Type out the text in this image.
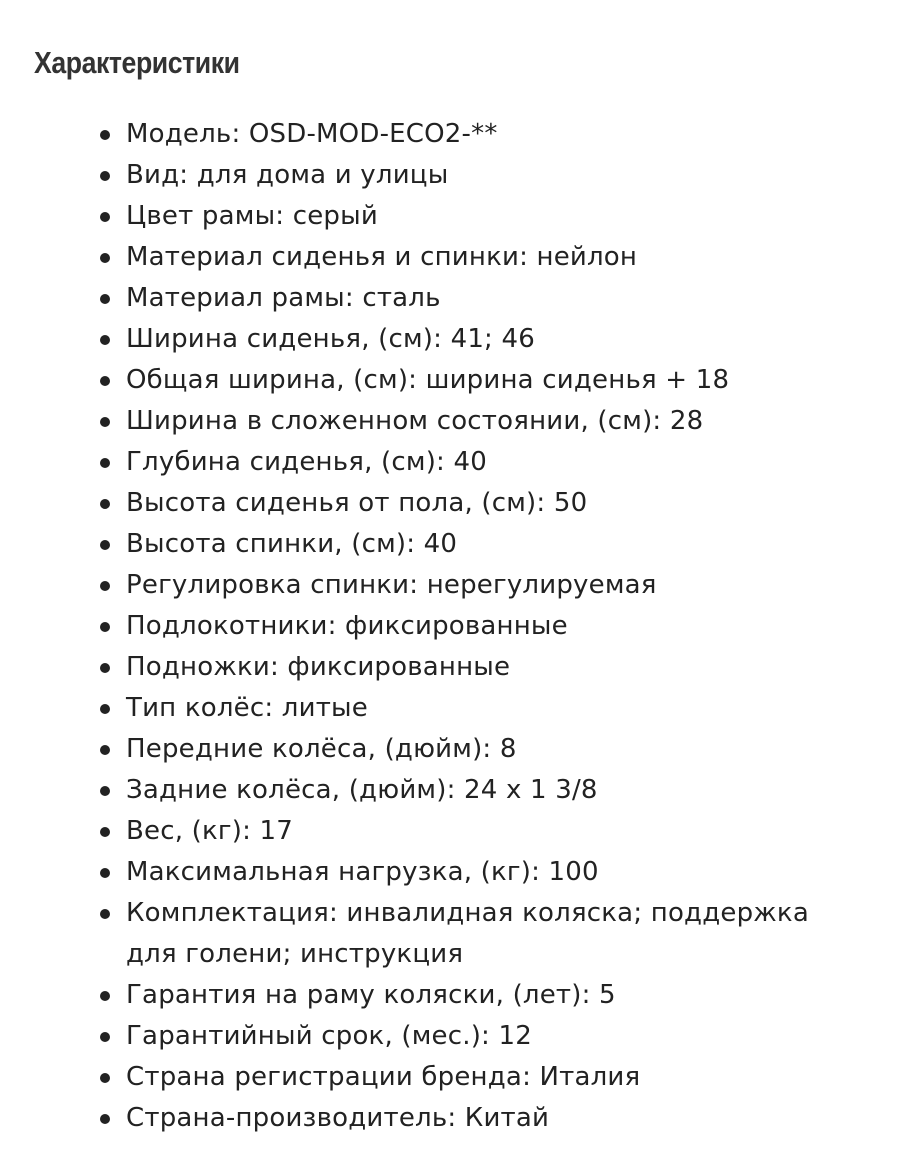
Характеристики
Модель: OSD-MOD-ECO2-**
Вид: для дома и улицы
Цвет рамы: серый
Материал сиденья и спинки: нейлон
Материал рамы: сталь
Ширина сиденья, (см): 41; 46
Общая ширина, (см): ширина сиденья + 18
Ширина в сложенном состоянии, (см): 28
Глубина сиденья, (см): 40
Высота сиденья от пола, (см): 50
Высота спинки, (см): 40
Регулировка спинки: нерегулируемая
Подлокотники: фиксированные
Подножки: фиксированные
Тип колёс: литые
Передние колёса, (дюйм): 8
Задние колёса, (дюйм): 24 x 1 3/8
Вес, (кг): 17
Максимальная нагрузка, (кг): 100
Комплектация: инвалидная коляска; поддержка для голени; инструкция
Гарантия на раму коляски, (лет): 5
Гарантийный срок, (мес.): 12
Страна регистрации бренда: Италия
Страна-производитель: Китай
